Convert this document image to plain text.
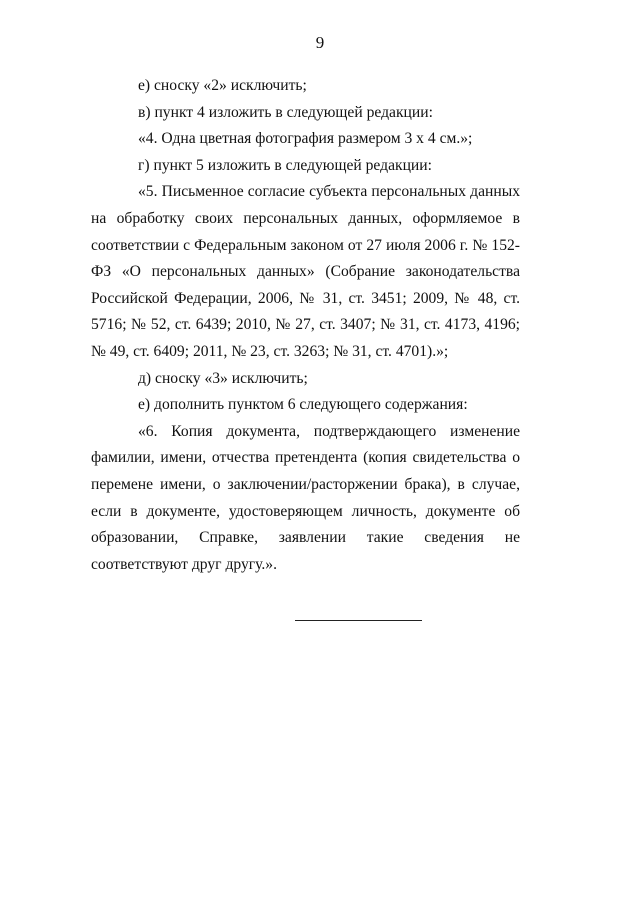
9

е) сноску «2» исключить;

в) пункт 4 изложить в следующей редакции:

«4. Одна цветная фотография размером 3 х 4 см.»;

г) пункт 5 изложить в следующей редакции:

«5. Письменное согласие субъекта персональных данных на обработку своих персональных данных, оформляемое в соответствии с Федеральным законом от 27 июля 2006 г. № 152-ФЗ «О персональных данных» (Собрание законодательства Российской Федерации, 2006, № 31, ст. 3451; 2009, № 48, ст. 5716; № 52, ст. 6439; 2010, № 27, ст. 3407; № 31, ст. 4173, 4196; № 49, ст. 6409; 2011, № 23, ст. 3263; № 31, ст. 4701).»;

д) сноску «3» исключить;

е) дополнить пунктом 6 следующего содержания:

«6. Копия документа, подтверждающего изменение фамилии, имени, отчества претендента (копия свидетельства о перемене имени, о заключении/расторжении брака), в случае, если в документе, удостоверяющем личность, документе об образовании, Справке, заявлении такие сведения не соответствуют друг другу.».
